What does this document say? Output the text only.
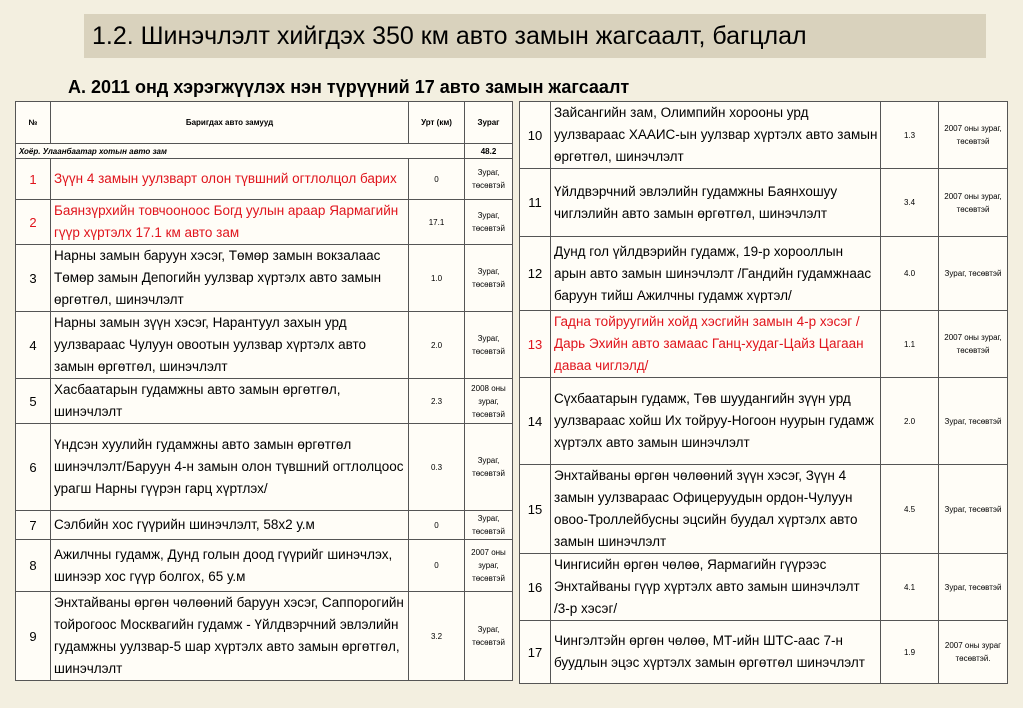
1.2. Шинэчлэлт хийгдэх 350 км авто замын жагсаалт, багцлал
А. 2011 онд хэрэгжүүлэх нэн түрүүний 17 авто замын жагсаалт
№	Баригдах авто замууд	Урт (км)	Зураг
Хоёр. Улаанбаатар хотын авто зам			48.2
1	Зүүн 4 замын уулзварт олон түвшний огтлолцол барих	0	Зураг, төсөвтэй
2	Баянзүрхийн товчооноос Богд уулын араар Яармагийн гүүр хүртэлх 17.1 км авто зам	17.1	Зураг, төсөвтэй
3	Нарны замын баруун хэсэг, Төмөр замын вокзалаас Төмөр замын Депогийн уулзвар хүртэлх авто замын өргөтгөл, шинэчлэлт	1.0	Зураг, төсөвтэй
4	Нарны замын зүүн хэсэг, Нарантуул захын урд уулзвараас Чулуун овоотын уулзвар хүртэлх авто замын өргөтгөл, шинэчлэлт	2.0	Зураг, төсөвтэй
5	Хасбаатарын гудамжны авто замын өргөтгөл, шинэчлэлт	2.3	2008 оны зураг, төсөвтэй
6	Үндсэн хуулийн гудамжны авто замын өргөтгөл шинэчлэлт/Баруун 4-н замын олон түвшний огтлолцоос урагш Нарны гүүрэн гарц хүртлэх/	0.3	Зураг, төсөвтэй
7	Сэлбийн хос гүүрийн шинэчлэлт, 58х2 у.м	0	Зураг, төсөвтэй
8	Ажилчны гудамж, Дунд голын доод гүүрийг шинэчлэх, шинээр хос гүүр болгох, 65 у.м	0	2007 оны зураг, төсөвтэй
9	Энхтайваны өргөн чөлөөний баруун хэсэг, Саппорогийн тойрогоос Москвагийн гудамж - Үйлдвэрчний эвлэлийн гудамжны уулзвар-5 шар хүртэлх авто замын өргөтгөл, шинэчлэлт	3.2	Зураг, төсөвтэй
10	Зайсангийн зам, Олимпийн хорооны урд уулзвараас ХААИС-ын уулзвар хүртэлх авто замын өргөтгөл, шинэчлэлт	1.3	2007 оны зураг, төсөвтэй
11	Үйлдвэрчний эвлэлийн гудамжны Баянхошуу чиглэлийн авто замын өргөтгөл, шинэчлэлт	3.4	2007 оны зураг, төсөвтэй
12	Дунд гол үйлдвэрийн гудамж, 19-р хорооллын арын авто замын шинэчлэлт /Гандийн гудамжнаас баруун тийш Ажилчны гудамж хүртэл/	4.0	Зураг, төсөвтэй
13	Гадна тойруугийн хойд хэсгийн замын 4-р хэсэг /Дарь Эхийн авто замаас Ганц-худаг-Цайз Цагаан даваа чиглэлд/	1.1	2007 оны зураг, төсөвтэй
14	Сүхбаатарын гудамж, Төв шуудангийн зүүн урд уулзвараас хойш Их тойруу-Ногоон нуурын гудамж хүртэлх авто замын шинэчлэлт	2.0	Зураг, төсөвтэй
15	Энхтайваны өргөн чөлөөний зүүн хэсэг, Зүүн 4 замын уулзвараас Офицеруудын ордон-Чулуун овоо-Троллейбусны эцсийн буудал хүртэлх авто замын шинэчлэлт	4.5	Зураг, төсөвтэй
16	Чингисийн өргөн чөлөө, Яармагийн гүүрээс Энхтайваны гүүр хүртэлх авто замын шинэчлэлт /3-р хэсэг/	4.1	Зураг, төсөвтэй
17	Чингэлтэйн өргөн чөлөө, МТ-ийн ШТС-аас 7-н буудлын эцэс хүртэлх замын өргөтгөл шинэчлэлт	1.9	2007 оны зураг төсөвтэй.
